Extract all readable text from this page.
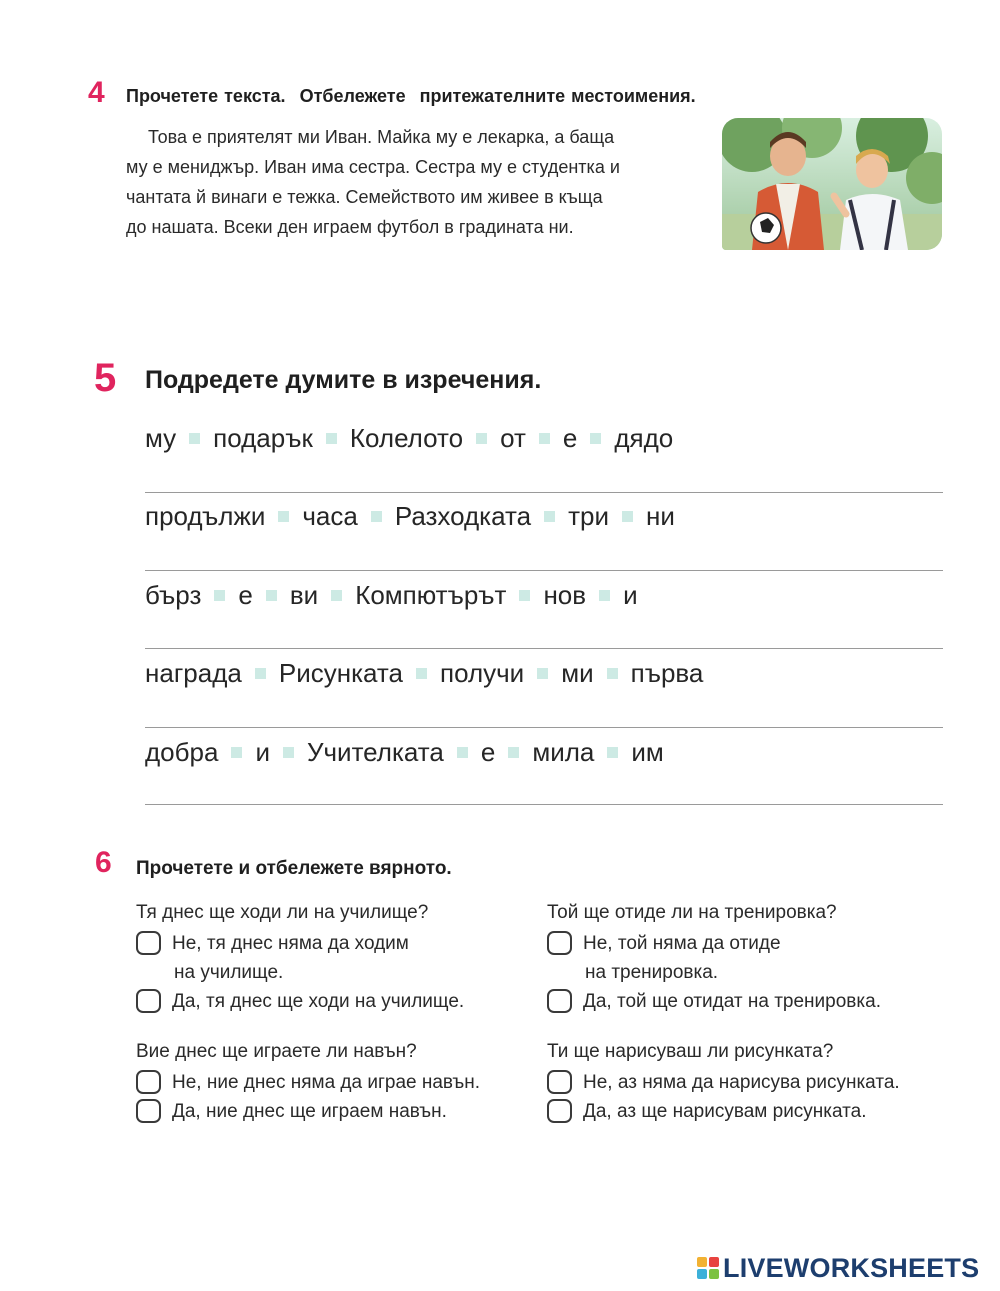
4 Прочетете текста. Отбележете притежателните местоимения.

Това е приятелят ми Иван. Майка му е лекарка, а баща
му е мениджър. Иван има сестра. Сестра му е студентка и
чантата й винаги е тежка. Семейството им живее в къща
до нашата. Всеки ден играем футбол в градината ни.

5 Подредете думите в изречения.
му подарък Колелото от е дядо
продължи часа Разходката три ни
бърз е ви Компютърът нов и
награда Рисунката получи ми първа
добра и Учителката е мила им
6 Прочетете и отбележете вярното.
Тя днес ще ходи ли на училище?
Не, тя днес няма да ходим
на училище.
Да, тя днес ще ходи на училище.
Той ще отиде ли на тренировка?
Не, той няма да отиде
на тренировка.
Да, той ще отидат на тренировка.
Вие днес ще играете ли навън?
Не, ние днес няма да играе навън.
Да, ние днес ще играем навън.
Ти ще нарисуваш ли рисунката?
Не, аз няма да нарисува рисунката.
Да, аз ще нарисувам рисунката.
LIVEWORKSHEETS
